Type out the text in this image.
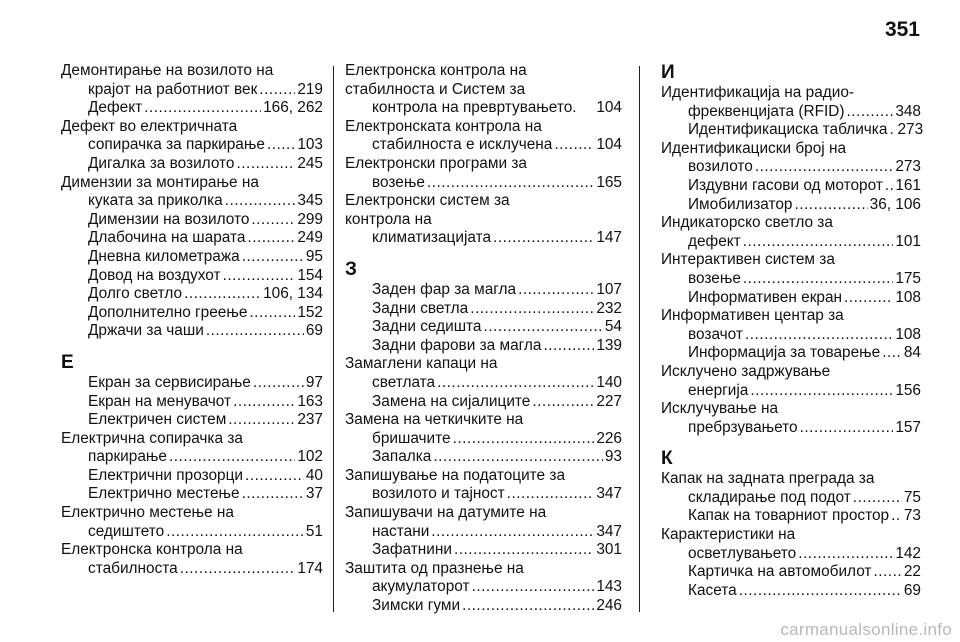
351
Демонтирање на возилото на
крајот на работниот век .....	219
Дефект .....	166, 262
Дефект во електричната
сопирачка за паркирање ..... 103
Дигалка за возилото .....	245
Димензии за монтирање на
куката за приколка .....	345
Димензии на возилото .....	299
Длабочина на шарата .....	249
Дневна километража .....	95
Довод на воздухот .....	154
Долго светло .....	106, 134
Дополнително греење .....	152
Држачи за чаши .....	69
Е
Екран за сервисирање .....	97
Екран на менувачот .....	163
Електричен систем .....	237
Електрична сопирачка за
паркирање .....	102
Електрични прозорци .....	40
Електрично местење .....	37
Електрично местење на
седиштето .....	51
Електронска контрола на
стабилноста .....	174
Електронска контрола на
стабилноста и Систем за
контрола на превртувањето. 104
Електронската контрола на
стабилноста е исклучена .....	104
Електронски програми за
возење .....	165
Електронски систем за
контрола на
климатизацијата .....	147
З
Заден фар за магла .....	107
Задни светла .....	232
Задни седишта .....	54
Задни фарови за магла .....	139
Замаглени капаци на
светлата .....	140
Замена на сијалиците .....	227
Замена на четкичките на
бришачите .....	226
Запалка .....	93
Запишување на податоците за
возилото и тајност .....	347
Запишувачи на датумите на
настани .....	347
Зафатнини .....	301
Заштита од празнење на
акумулаторот .....	143
Зимски гуми .....	246
И
Идентификација на радио-
фреквенцијата (RFID) .....	348
Идентификациска табличка ..... 273
Идентификациски број на
возилото .....	273
Издувни гасови од моторот ..... 161
Имобилизатор .....	36, 106
Индикаторско светло за
дефект .....	101
Интерактивен систем за
возење .....	175
Информативен екран .....	108
Информативен центар за
возачот .....	108
Информација за товарење ..... 84
Исклучено задржување
енергија .....	156
Исклучување на
пребрзувањето .....	157
К
Капак на задната преграда за
складирање под подот .....	75
Капак на товарниот простор ..... 73
Карактеристики на
осветлувањето .....	142
Картичка на автомобилот ..... 22
Касета .....	69
carmanualsonline.info
